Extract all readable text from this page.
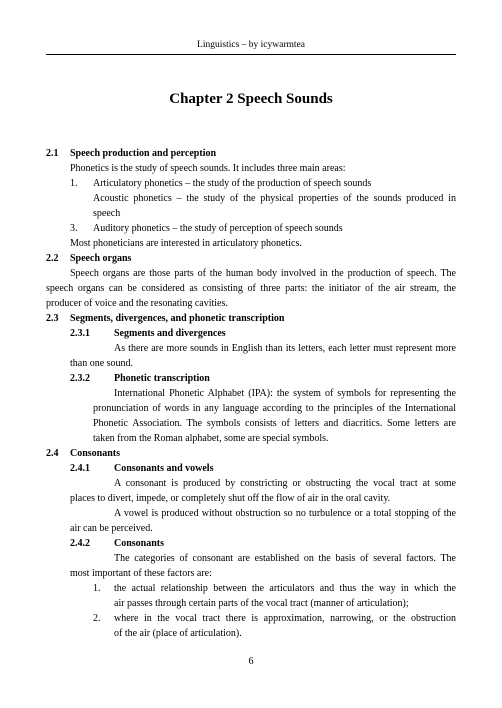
Linguistics – by icywarmtea
Chapter 2 Speech Sounds
2.1 Speech production and perception
Phonetics is the study of speech sounds. It includes three main areas:
1. Articulatory phonetics – the study of the production of speech sounds
Acoustic phonetics – the study of the physical properties of the sounds produced in
speech
3. Auditory phonetics – the study of perception of speech sounds
Most phoneticians are interested in articulatory phonetics.
2.2 Speech organs
Speech organs are those parts of the human body involved in the production of speech. The
speech organs can be considered as consisting of three parts: the initiator of the air stream, the
producer of voice and the resonating cavities.
2.3 Segments, divergences, and phonetic transcription
2.3.1 Segments and divergences
As there are more sounds in English than its letters, each letter must represent more
than one sound.
2.3.2 Phonetic transcription
International Phonetic Alphabet (IPA): the system of symbols for representing the
pronunciation of words in any language according to the principles of the International
Phonetic Association. The symbols consists of letters and diacritics. Some letters are
taken from the Roman alphabet, some are special symbols.
2.4 Consonants
2.4.1 Consonants and vowels
A consonant is produced by constricting or obstructing the vocal tract at some
places to divert, impede, or completely shut off the flow of air in the oral cavity.
A vowel is produced without obstruction so no turbulence or a total stopping of the
air can be perceived.
2.4.2 Consonants
The categories of consonant are established on the basis of several factors. The
most important of these factors are:
1. the actual relationship between the articulators and thus the way in which the
air passes through certain parts of the vocal tract (manner of articulation);
2. where in the vocal tract there is approximation, narrowing, or the obstruction
of the air (place of articulation).
6
